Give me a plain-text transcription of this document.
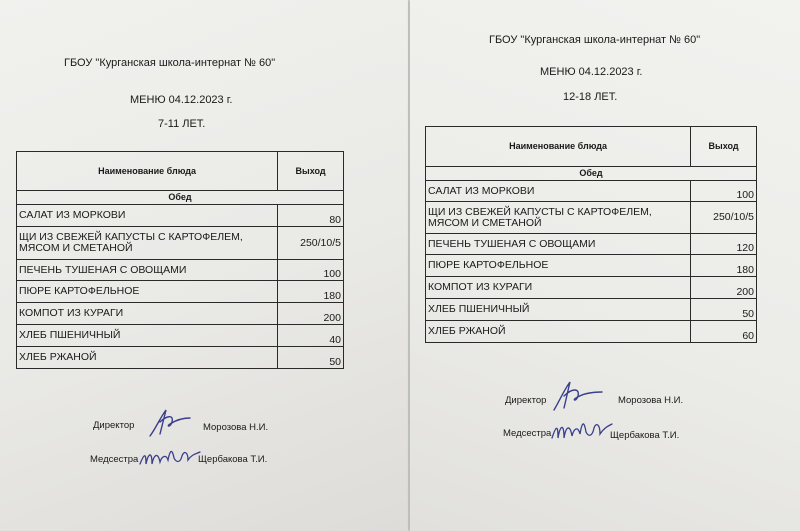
ГБОУ "Курганская школа-интернат № 60"
МЕНЮ 04.12.2023 г.
7-11 ЛЕТ.
Наименование блюда	Выход
Обед	
САЛАТ ИЗ МОРКОВИ	80
ЩИ ИЗ СВЕЖЕЙ КАПУСТЫ С КАРТОФЕЛЕМ,
МЯСОМ И СМЕТАНОЙ	250/10/5
ПЕЧЕНЬ ТУШЕНАЯ С ОВОЩАМИ	100
ПЮРЕ КАРТОФЕЛЬНОЕ	180
КОМПОТ ИЗ КУРАГИ	200
ХЛЕБ ПШЕНИЧНЫЙ	40
ХЛЕБ РЖАНОЙ	50
Директор	Морозова Н.И.
Медсестра	Щербакова Т.И.
ГБОУ "Курганская школа-интернат № 60"
МЕНЮ 04.12.2023 г.
12-18 ЛЕТ.
Наименование блюда	Выход
Обед	
САЛАТ ИЗ МОРКОВИ	100
ЩИ ИЗ СВЕЖЕЙ КАПУСТЫ С КАРТОФЕЛЕМ,
МЯСОМ И СМЕТАНОЙ	250/10/5
ПЕЧЕНЬ ТУШЕНАЯ С ОВОЩАМИ	120
ПЮРЕ КАРТОФЕЛЬНОЕ	180
КОМПОТ ИЗ КУРАГИ	200
ХЛЕБ ПШЕНИЧНЫЙ	50
ХЛЕБ РЖАНОЙ	60
Директор	Морозова Н.И.
Медсестра	Щербакова Т.И.
